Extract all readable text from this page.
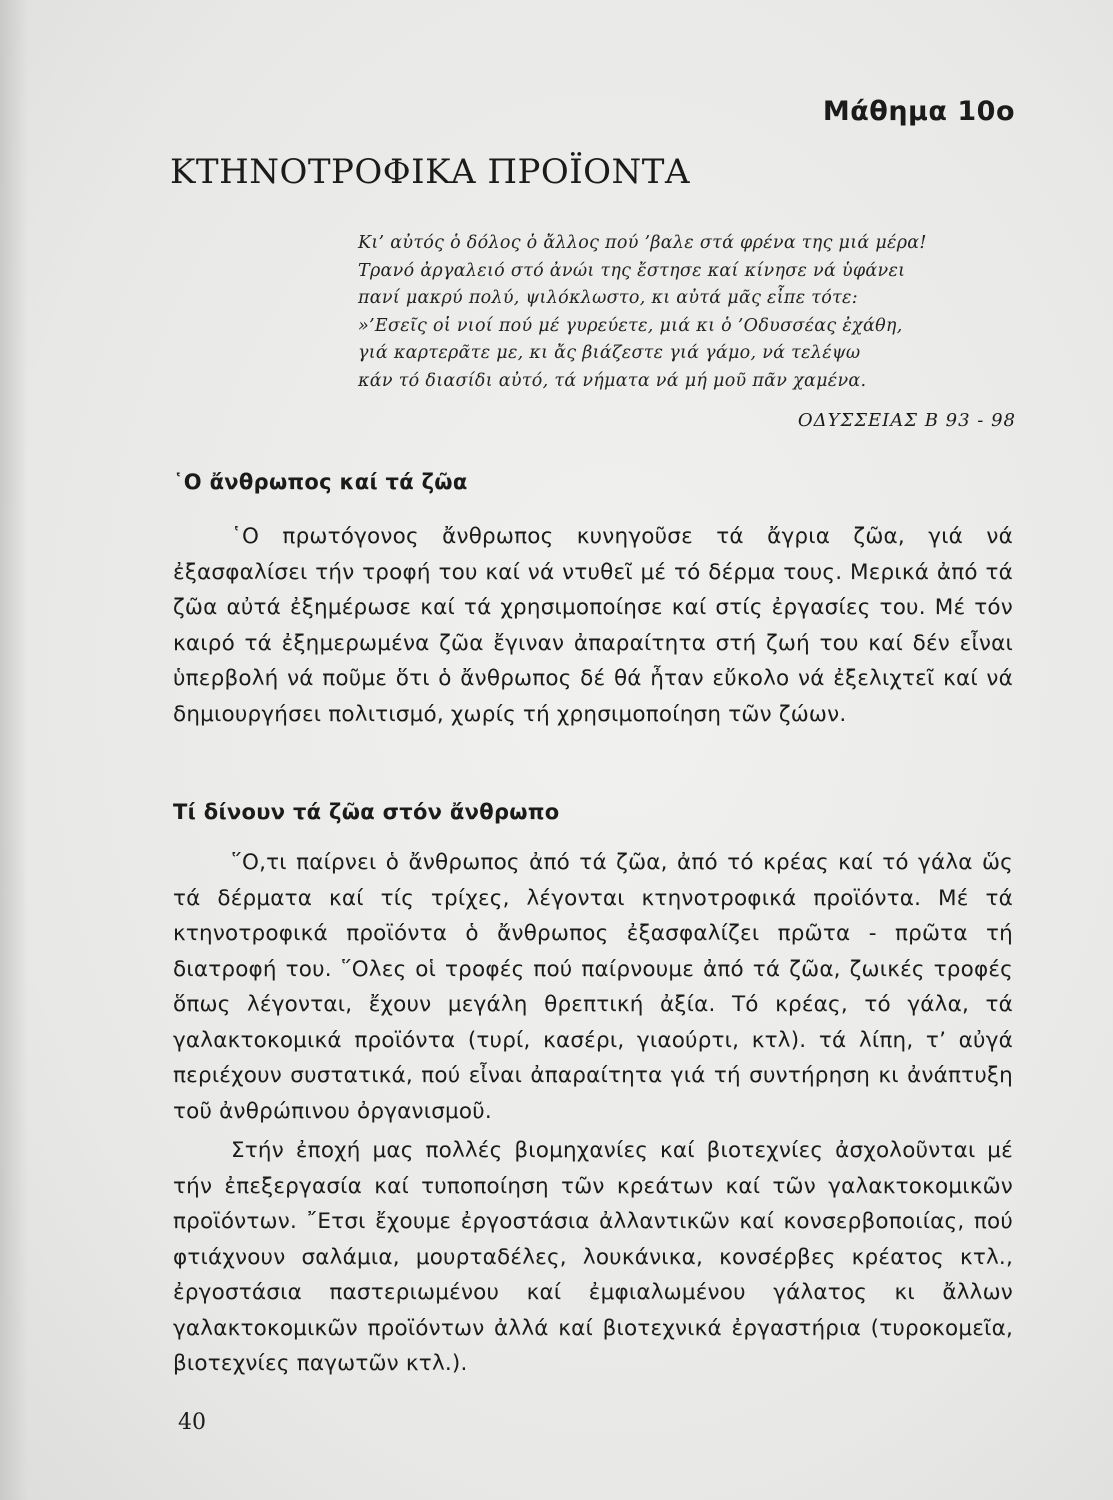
Μάθημα 10ο
ΚΤΗΝΟΤΡΟΦΙΚΑ ΠΡΟΪΟΝΤΑ
Κι’ αὐτός ὁ δόλος ὁ ἄλλος πού ’βαλε στά φρένα της μιά μέρα!
Τρανό ἀργαλειό στό ἀνώι της ἔστησε καί κίνησε νά ὑφάνει
πανί μακρύ πολύ, ψιλόκλωστο, κι αὐτά μᾶς εἶπε τότε:
»’Εσεῖς οἱ νιοί πού μέ γυρεύετε, μιά κι ὁ ’Οδυσσέας ἐχάθη,
γιά καρτερᾶτε με, κι ἄς βιάζεστε γιά γάμο, νά τελέψω
κάν τό διασίδι αὐτό, τά νήματα νά μή μοῦ πᾶν χαμένα.
ΟΔΥΣΣΕΙΑΣ Β 93 - 98
῾Ο ἄνθρωπος καί τά ζῶα

῾Ο πρωτόγονος ἄνθρωπος κυνηγοῦσε τά ἄγρια ζῶα, γιά νά ἐξασφαλίσει τήν τροφή του καί νά ντυθεῖ μέ τό δέρμα τους. Μερικά ἀπό τά ζῶα αὐτά ἐξημέρωσε καί τά χρησιμοποίησε καί στίς ἐργασίες του. Μέ τόν καιρό τά ἐξημερωμένα ζῶα ἔγιναν ἀπαραίτητα στή ζωή του καί δέν εἶναι ὑπερβολή νά ποῦμε ὅτι ὁ ἄνθρωπος δέ θά ἦταν εὔκολο νά ἐξελιχτεῖ καί νά δημιουργήσει πολιτισμό, χωρίς τή χρησιμοποίηση τῶν ζώων.

Τί δίνουν τά ζῶα στόν ἄνθρωπο

῞Ο,τι παίρνει ὁ ἄνθρωπος ἀπό τά ζῶα, ἀπό τό κρέας καί τό γάλα ὥς τά δέρματα καί τίς τρίχες, λέγονται κτηνοτροφικά προϊόντα. Μέ τά κτηνοτροφικά προϊόντα ὁ ἄνθρωπος ἐξασφαλίζει πρῶτα - πρῶτα τή διατροφή του. ῞Ολες οἱ τροφές πού παίρνουμε ἀπό τά ζῶα, ζωικές τροφές ὅπως λέγονται, ἔχουν μεγάλη θρεπτική ἀξία. Τό κρέας, τό γάλα, τά γαλακτοκομικά προϊόντα (τυρί, κασέρι, γιαούρτι, κτλ). τά λίπη, τ’ αὐγά περιέχουν συστατικά, πού εἶναι ἀπαραίτητα γιά τή συντήρηση κι ἀνάπτυξη τοῦ ἀνθρώπινου ὀργανισμοῦ.

Στήν ἐποχή μας πολλές βιομηχανίες καί βιοτεχνίες ἀσχολοῦνται μέ τήν ἐπεξεργασία καί τυποποίηση τῶν κρεάτων καί τῶν γαλακτοκομικῶν προϊόντων. ῎Ετσι ἔχουμε ἐργοστάσια ἀλλαντικῶν καί κονσερβοποιίας, πού φτιάχνουν σαλάμια, μουρταδέλες, λουκάνικα, κονσέρβες κρέατος κτλ., ἐργοστάσια παστεριωμένου καί ἐμφιαλωμένου γάλατος κι ἄλλων γαλακτοκομικῶν προϊόντων ἀλλά καί βιοτεχνικά ἐργαστήρια (τυροκομεῖα, βιοτεχνίες παγωτῶν κτλ.).

40
